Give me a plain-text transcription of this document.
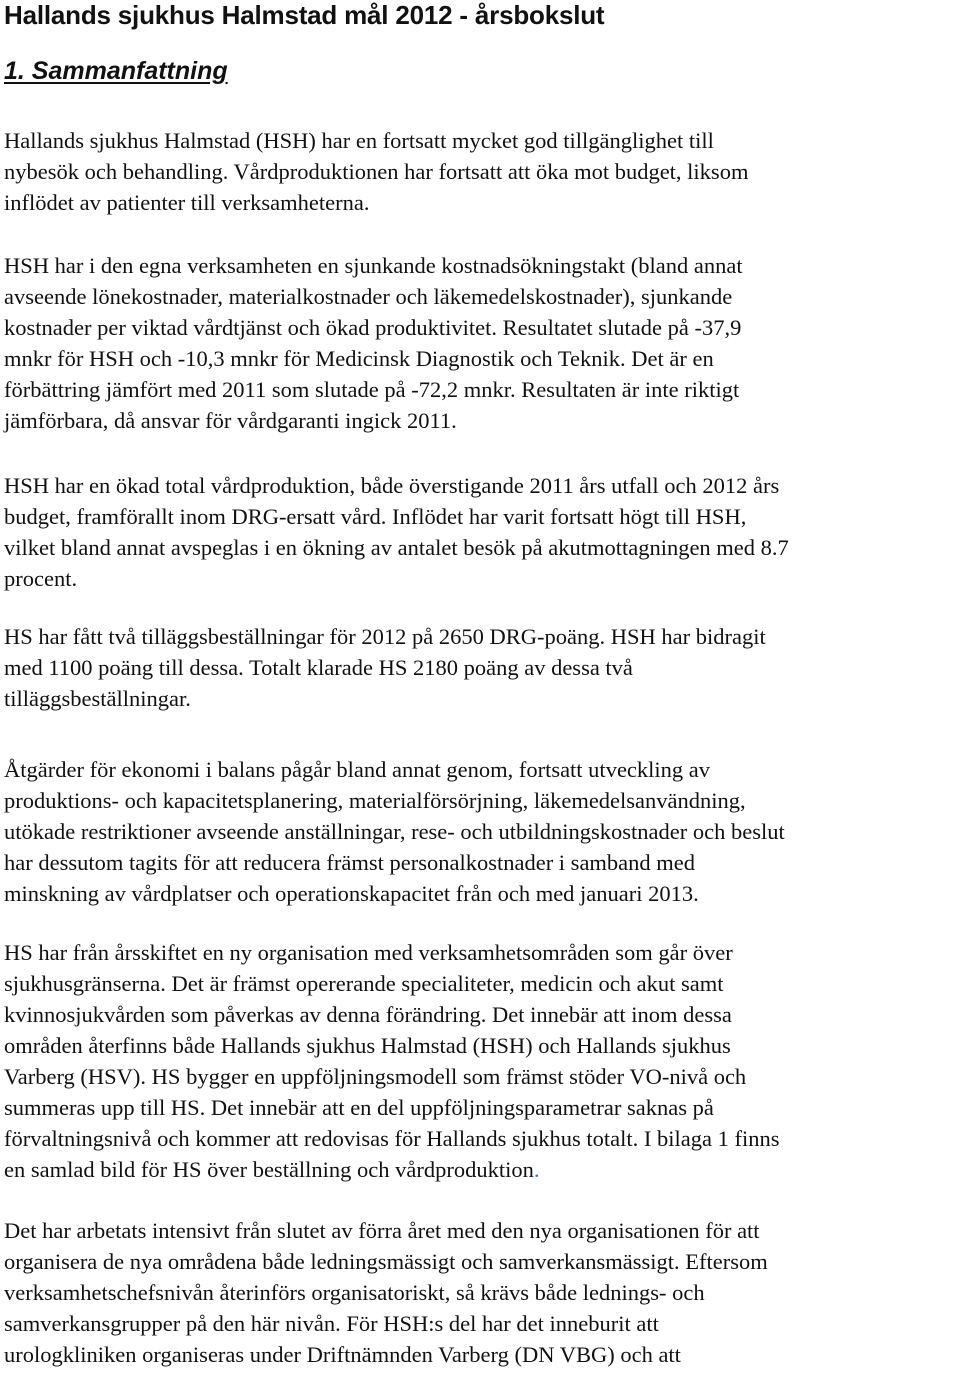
Hallands sjukhus Halmstad mål 2012 - årsbokslut
1. Sammanfattning

Hallands sjukhus Halmstad (HSH) har en fortsatt mycket god tillgänglighet till
nybesök och behandling. Vårdproduktionen har fortsatt att öka mot budget, liksom
inflödet av patienter till verksamheterna.

HSH har i den egna verksamheten en sjunkande kostnadsökningstakt (bland annat
avseende lönekostnader, materialkostnader och läkemedelskostnader), sjunkande
kostnader per viktad vårdtjänst och ökad produktivitet. Resultatet slutade på -37,9
mnkr för HSH och -10,3 mnkr för Medicinsk Diagnostik och Teknik. Det är en
förbättring jämfört med 2011 som slutade på -72,2 mnkr. Resultaten är inte riktigt
jämförbara, då ansvar för vårdgaranti ingick 2011.

HSH har en ökad total vårdproduktion, både överstigande 2011 års utfall och 2012 års
budget, framförallt inom DRG-ersatt vård. Inflödet har varit fortsatt högt till HSH,
vilket bland annat avspeglas i en ökning av antalet besök på akutmottagningen med 8.7
procent.

HS har fått två tilläggsbeställningar för 2012 på 2650 DRG-poäng. HSH har bidragit
med 1100 poäng till dessa. Totalt klarade HS 2180 poäng av dessa två
tilläggsbeställningar.

Åtgärder för ekonomi i balans pågår bland annat genom, fortsatt utveckling av
produktions- och kapacitetsplanering, materialförsörjning, läkemedelsanvändning,
utökade restriktioner avseende anställningar, rese- och utbildningskostnader och beslut
har dessutom tagits för att reducera främst personalkostnader i samband med
minskning av vårdplatser och operationskapacitet från och med januari 2013.

HS har från årsskiftet en ny organisation med verksamhetsområden som går över
sjukhusgränserna. Det är främst opererande specialiteter, medicin och akut samt
kvinnosjukvården som påverkas av denna förändring. Det innebär att inom dessa
områden återfinns både Hallands sjukhus Halmstad (HSH) och Hallands sjukhus
Varberg (HSV). HS bygger en uppföljningsmodell som främst stöder VO-nivå och
summeras upp till HS. Det innebär att en del uppföljningsparametrar saknas på
förvaltningsnivå och kommer att redovisas för Hallands sjukhus totalt. I bilaga 1 finns
en samlad bild för HS över beställning och vårdproduktion.

Det har arbetats intensivt från slutet av förra året med den nya organisationen för att
organisera de nya områdena både ledningsmässigt och samverkansmässigt. Eftersom
verksamhetschefsnivån återinförs organisatoriskt, så krävs både lednings- och
samverkansgrupper på den här nivån. För HSH:s del har det inneburit att
urologkliniken organiseras under Driftnämnden Varberg (DN VBG) och att
